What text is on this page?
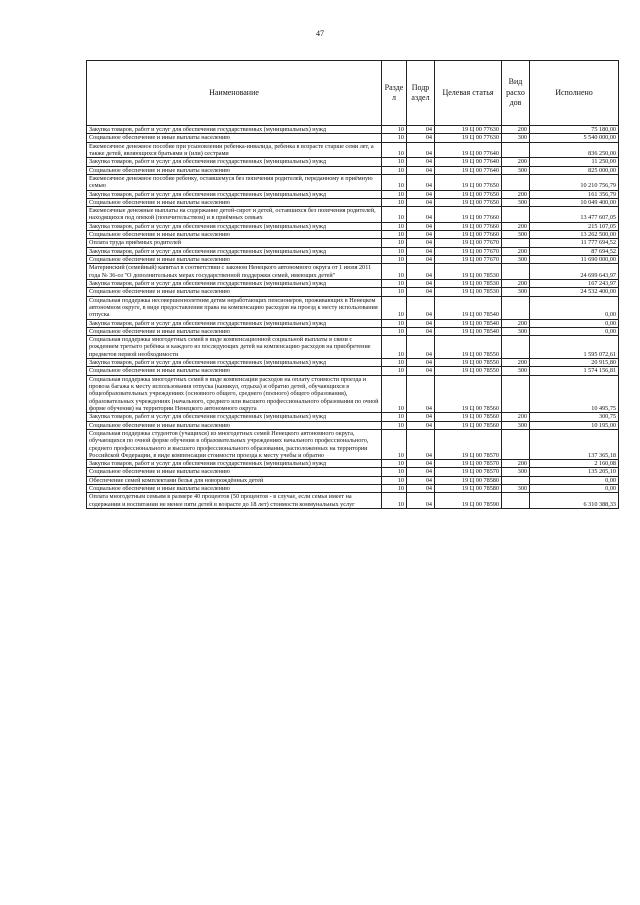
47
Наименование	Разде л	Подр аздел	Целевая статья	Вид расхо дов	Исполнено
Закупка товаров, работ и услуг для обеспечения государственных (муниципальных) нужд	10	04	19 Ц 00 77630	200	75 180,00
Социальное обеспечение и иные выплаты населению	10	04	19 Ц 00 77630	300	5 540 000,00
Ежемесячное денежное пособие при усыновлении ребенка-инвалида, ребенка в возрасте старше семи лет, а также детей, являющихся братьями и (или) сестрами	10	04	19 Ц 00 77640		836 250,00
Закупка товаров, работ и услуг для обеспечения государственных (муниципальных) нужд	10	04	19 Ц 00 77640	200	11 250,00
Социальное обеспечение и иные выплаты населению	10	04	19 Ц 00 77640	300	825 000,00
Ежемесячное денежное пособие ребенку, оставшемуся без попечения родителей, переданному в приёмную семью	10	04	19 Ц 00 77650		10 210 756,79
Закупка товаров, работ и услуг для обеспечения государственных (муниципальных) нужд	10	04	19 Ц 00 77650	200	161 356,79
Социальное обеспечение и иные выплаты населению	10	04	19 Ц 00 77650	300	10 049 400,00
Ежемесячные денежные выплаты на содержание детей-сирот и детей, оставшихся без попечения родителей, находящихся под опекой (попечительством) и в приёмных семьях	10	04	19 Ц 00 77660		13 477 607,05
Закупка товаров, работ и услуг для обеспечения государственных (муниципальных) нужд	10	04	19 Ц 00 77660	200	215 107,05
Социальное обеспечение и иные выплаты населению	10	04	19 Ц 00 77660	300	13 262 500,00
Оплата труда приёмных родителей	10	04	19 Ц 00 77670		11 777 694,52
Закупка товаров, работ и услуг для обеспечения государственных (муниципальных) нужд	10	04	19 Ц 00 77670	200	87 694,52
Социальное обеспечение и иные выплаты населению	10	04	19 Ц 00 77670	300	11 690 000,00
Материнский (семейный) капитал в соответствии с законом Ненецкого автономного округа от 1 июля 2011 года № 36-оз "О дополнительных мерах государственной поддержки семей, имеющих детей"	10	04	19 Ц 00 78530		24 699 643,97
Закупка товаров, работ и услуг для обеспечения государственных (муниципальных) нужд	10	04	19 Ц 00 78530	200	167 243,97
Социальное обеспечение и иные выплаты населению	10	04	19 Ц 00 78530	300	24 532 400,00
Социальная поддержка несовершеннолетним детям неработающих пенсионеров, проживающих в Ненецком автономном округе, в виде предоставления права на компенсацию расходов на проезд к месту использования отпуска	10	04	19 Ц 00 78540		0,00
Закупка товаров, работ и услуг для обеспечения государственных (муниципальных) нужд	10	04	19 Ц 00 78540	200	0,00
Социальное обеспечение и иные выплаты населению	10	04	19 Ц 00 78540	300	0,00
Социальная поддержка многодетных семей в виде компенсационной социальной выплаты в связи с рождением третьего ребёнка и каждого из последующих детей на компенсацию расходов на приобретение предметов первой необходимости	10	04	19 Ц 00 78550		1 595 072,61
Закупка товаров, работ и услуг для обеспечения государственных (муниципальных) нужд	10	04	19 Ц 00 78550	200	20 915,80
Социальное обеспечение и иные выплаты населению	10	04	19 Ц 00 78550	300	1 574 156,81
Социальная поддержка многодетных семей в виде компенсации расходов на оплату стоимости проезда и провоза багажа к месту использования отпуска (каникул, отдыха) и обратно детей, обучающихся в общеобразовательных учреждениях (основного общего, среднего (полного) общего образования), образовательных учреждениях (начального, среднего или высшего профессионального образования по очной форме обучения) на территории Ненецкого автономного округа	10	04	19 Ц 00 78560		10 495,75
Закупка товаров, работ и услуг для обеспечения государственных (муниципальных) нужд	10	04	19 Ц 00 78560	200	300,75
Социальное обеспечение и иные выплаты населению	10	04	19 Ц 00 78560	300	10 195,00
Социальная поддержка студентов (учащихся) из многодетных семей Ненецкого автономного округа, обучающихся по очной форме обучения в образовательных учреждениях начального профессионального, среднего профессионального и высшего профессионального образования, расположенных на территории Российской Федерации, в виде компенсации стоимости проезда к месту учебы и обратно	10	04	19 Ц 00 78570		137 365,18
Закупка товаров, работ и услуг для обеспечения государственных (муниципальных) нужд	10	04	19 Ц 00 78570	200	2 160,08
Социальное обеспечение и иные выплаты населению	10	04	19 Ц 00 78570	300	135 205,10
Обеспечение семей комплектами белья для новорождённых детей	10	04	19 Ц 00 78580		0,00
Социальное обеспечение и иные выплаты населению	10	04	19 Ц 00 78580	300	0,00
Оплата многодетным семьям в размере 40 процентов (50 процентов - в случае, если семья имеет на содержании и воспитании не менее пяти детей в возрасте до 18 лет) стоимости коммунальных услуг	10	04	19 Ц 00 78590		6 310 388,33
